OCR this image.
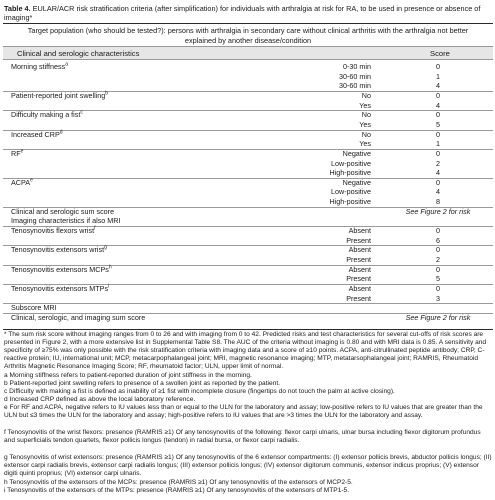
Table 4. EULAR/ACR risk stratification criteria (after simplification) for individuals with arthralgia at risk for RA, to be used in presence or absence of imaging*
Target population (who should be tested?): persons with arthralgia in secondary care without clinical arthritis with the arthralgia not better explained by another disease/condition
Clinical and serologic characteristics	Score
Morning stiffness$^a$	0-30 min	0
30-60 min	1
30-60 min	4
Patient-reported joint swelling$^b$	No	0
Yes	4
Difficulty making a fist$^c$	No	0
Yes	5
Increased CRP$^d$	No	0
Yes	1
$RF^e$	Negative	0
Low-positive	2
High-positive	4
ACPA$^e$	Negative	0
Low-positive	4
High-positive	8
Clinical and serologic sum score	See Figure 2 for risk
Imaging characteristics if also MRI
Tenosynovitis flexors wrist$^f$	Absent	0
Present	6
Tenosynovitis extensors wrist$^g$	Absent	0
Present	2
Tenosynovitis extensors MCPs$^h$	Absent	0
Present	5
Tenosynovitis extensors MTPs$^i$	Absent	0
Present	3
Subscore MRI
Clinical, serologic, and imaging sum score	See Figure 2 for risk
* The sum risk score without imaging ranges from 0 to 26 and with imaging from 0 to 42. Predicted risks and test characteristics for several cut-offs of risk scores are presented in Figure 2, with a more extensive list in Supplemental Table S8. The AUC of the criteria without imaging is 0.80 and with MRI data is 0.85. A sensitivity and specificity of ≥75% was only possible with the risk stratification criteria with imaging data and a score of ≥10 points. ACPA, anti-citrullinated peptide antibody; CRP, C-reactive protein; IU, international unit; MCP, metacarpophalangeal joint; MRI, magnetic resonance imaging; MTP, metatarsophalangeal joint; RAMRIS, Rheumatoid Arthritis Magnetic Resonance Imaging Score; RF, rheumatoid factor; ULN, upper limit of normal.
a Morning stiffness refers to patient-reported duration of joint stiffness in the morning.
b Patient-reported joint swelling refers to presence of a swollen joint as reported by the patient.
c Difficulty with making a fist is defined as inability of ≥1 fist with incomplete closure (fingertips do not touch the palm at active closing).
d Increased CRP defined as above the local laboratory reference.
e For RF and ACPA, negative refers to IU values less than or equal to the ULN for the laboratory and assay; low-positive refers to IU values that are greater than the ULN but ≤3 times the ULN for the laboratory and assay; high-positive refers to IU values that are >3 times the ULN for the laboratory and assay.
f Tenosynovitis of the wrist flexors: presence (RAMRIS ≥1) Of any tenosynovitis of the following: flexor carpi ulnaris, ulnar bursa including flexor digitorum profundus and superficialis tendon quartets, flexor pollicis longus (tendon) in radial bursa, or flexor carpi radialis.
g Tenosynovitis of wrist extensors: presence (RAMRIS ≥1) Of any tenosynovitis of the 6 extensor compartments: (I) extensor pollicis brevis, abductor pollicis longus; (II) extensor carpi radialis brevis, extensor carpi radialis longus; (III) extensor pollicis longus; (IV) extensor digitorum communis, extensor indicus proprius; (V) extensor digiti quinti proprius; (VI) extensor carpi ulnaris.
h Tenosynovitis of the extensors of the MCPs: presence (RAMRIS ≥1) Of any tenosynovitis of the extensors of MCP2-5.
i Tenosynovitis of the extensors of the MTPs: presence (RAMRIS ≥1) Of any tenosynovitis of the extensors of MTP1-5.
